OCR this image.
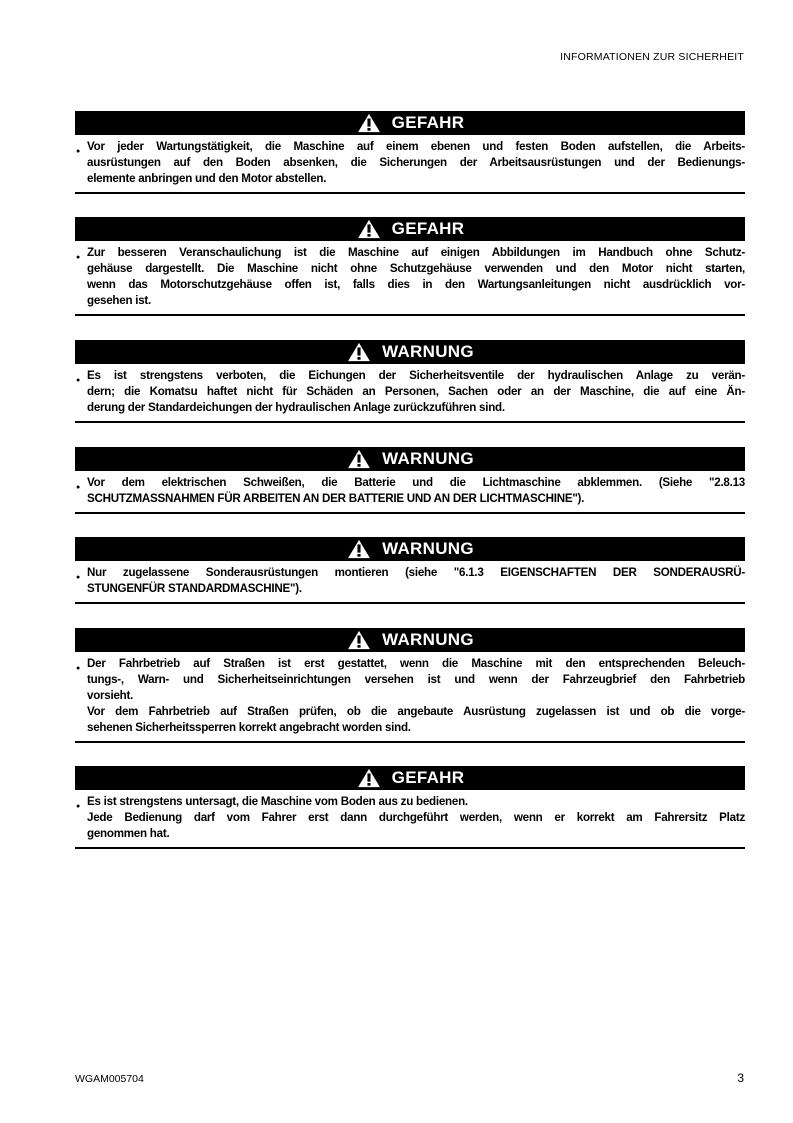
INFORMATIONEN ZUR SICHERHEIT
GEFAHR
● Vor jeder Wartungstätigkeit, die Maschine auf einem ebenen und festen Boden aufstellen, die Arbeits-
ausrüstungen auf den Boden absenken, die Sicherungen der Arbeitsausrüstungen und der Bedienungs-
elemente anbringen und den Motor abstellen.
GEFAHR
● Zur besseren Veranschaulichung ist die Maschine auf einigen Abbildungen im Handbuch ohne Schutz-
gehäuse dargestellt. Die Maschine nicht ohne Schutzgehäuse verwenden und den Motor nicht starten,
wenn das Motorschutzgehäuse offen ist, falls dies in den Wartungsanleitungen nicht ausdrücklich vor-
gesehen ist.
WARNUNG
● Es ist strengstens verboten, die Eichungen der Sicherheitsventile der hydraulischen Anlage zu verän-
dern; die Komatsu haftet nicht für Schäden an Personen, Sachen oder an der Maschine, die auf eine Än-
derung der Standardeichungen der hydraulischen Anlage zurückzuführen sind.
WARNUNG
● Vor dem elektrischen Schweißen, die Batterie und die Lichtmaschine abklemmen. (Siehe "2.8.13
SCHUTZMASSNAHMEN FÜR ARBEITEN AN DER BATTERIE UND AN DER LICHTMASCHINE").
WARNUNG
● Nur zugelassene Sonderausrüstungen montieren (siehe "6.1.3 EIGENSCHAFTEN DER SONDERAUSRÜ-
STUNGENFÜR STANDARDMASCHINE").
WARNUNG
● Der Fahrbetrieb auf Straßen ist erst gestattet, wenn die Maschine mit den entsprechenden Beleuch-
tungs-, Warn- und Sicherheitseinrichtungen versehen ist und wenn der Fahrzeugbrief den Fahrbetrieb
vorsieht.
Vor dem Fahrbetrieb auf Straßen prüfen, ob die angebaute Ausrüstung zugelassen ist und ob die vorge-
sehenen Sicherheitssperren korrekt angebracht worden sind.
GEFAHR
● Es ist strengstens untersagt, die Maschine vom Boden aus zu bedienen.
Jede Bedienung darf vom Fahrer erst dann durchgeführt werden, wenn er korrekt am Fahrersitz Platz
genommen hat.
WGAM005704	3
